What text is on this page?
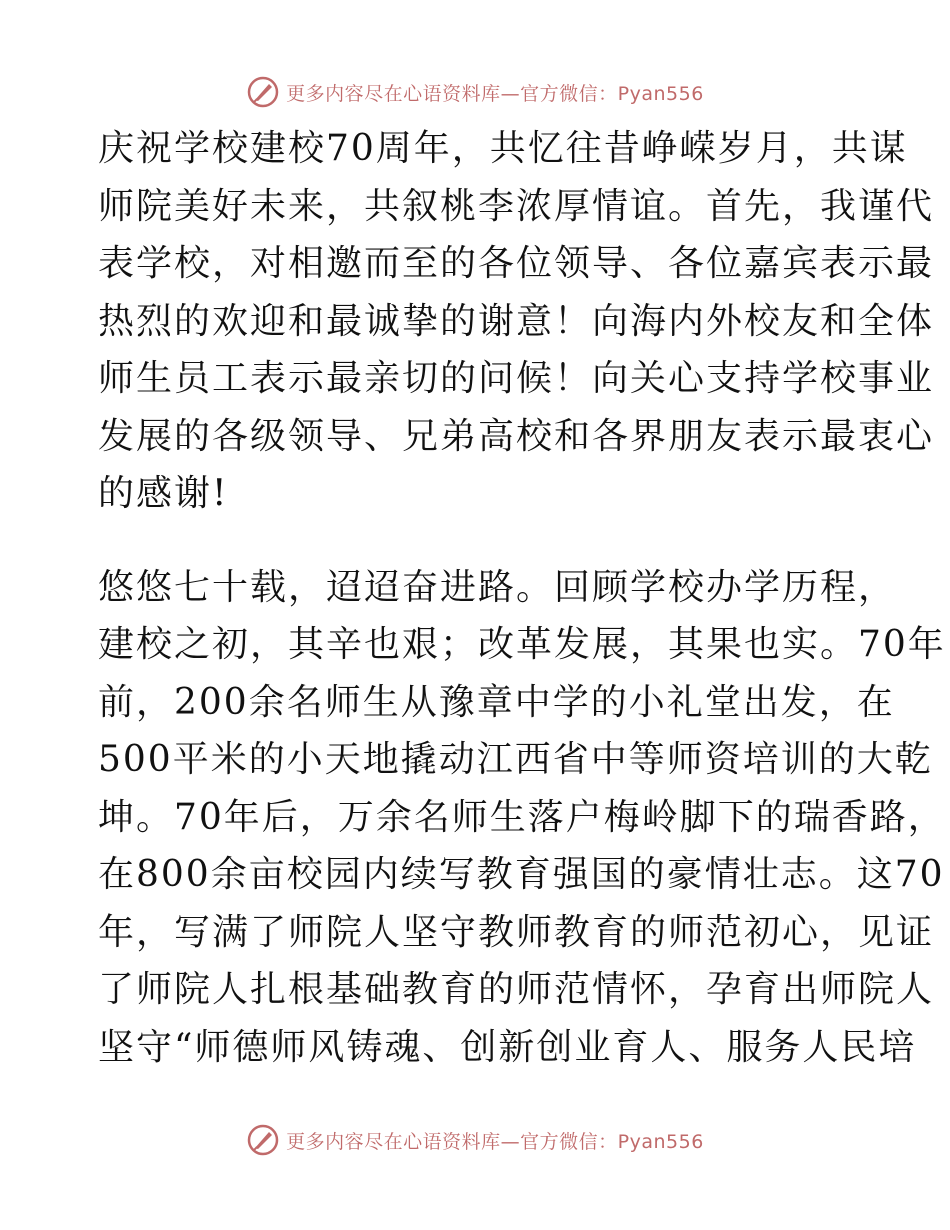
更多内容尽在心语资料库—官方微信：Pyan556

庆祝学校建校70周年，共忆往昔峥嵘岁月，共谋
师院美好未来，共叙桃李浓厚情谊。首先，我谨代
表学校，对相邀而至的各位领导、各位嘉宾表示最
热烈的欢迎和最诚挚的谢意！向海内外校友和全体
师生员工表示最亲切的问候！向关心支持学校事业
发展的各级领导、兄弟高校和各界朋友表示最衷心
的感谢!

悠悠七十载，迢迢奋进路。回顾学校办学历程，
建校之初，其辛也艰；改革发展，其果也实。70年
前，200余名师生从豫章中学的小礼堂出发，在
500平米的小天地撬动江西省中等师资培训的大乾
坤。70年后，万余名师生落户梅岭脚下的瑞香路，
在800余亩校园内续写教育强国的豪情壮志。这70
年，写满了师院人坚守教师教育的师范初心，见证
了师院人扎根基础教育的师范情怀，孕育出师院人
坚守“师德师风铸魂、创新创业育人、服务人民培

更多内容尽在心语资料库—官方微信：Pyan556
